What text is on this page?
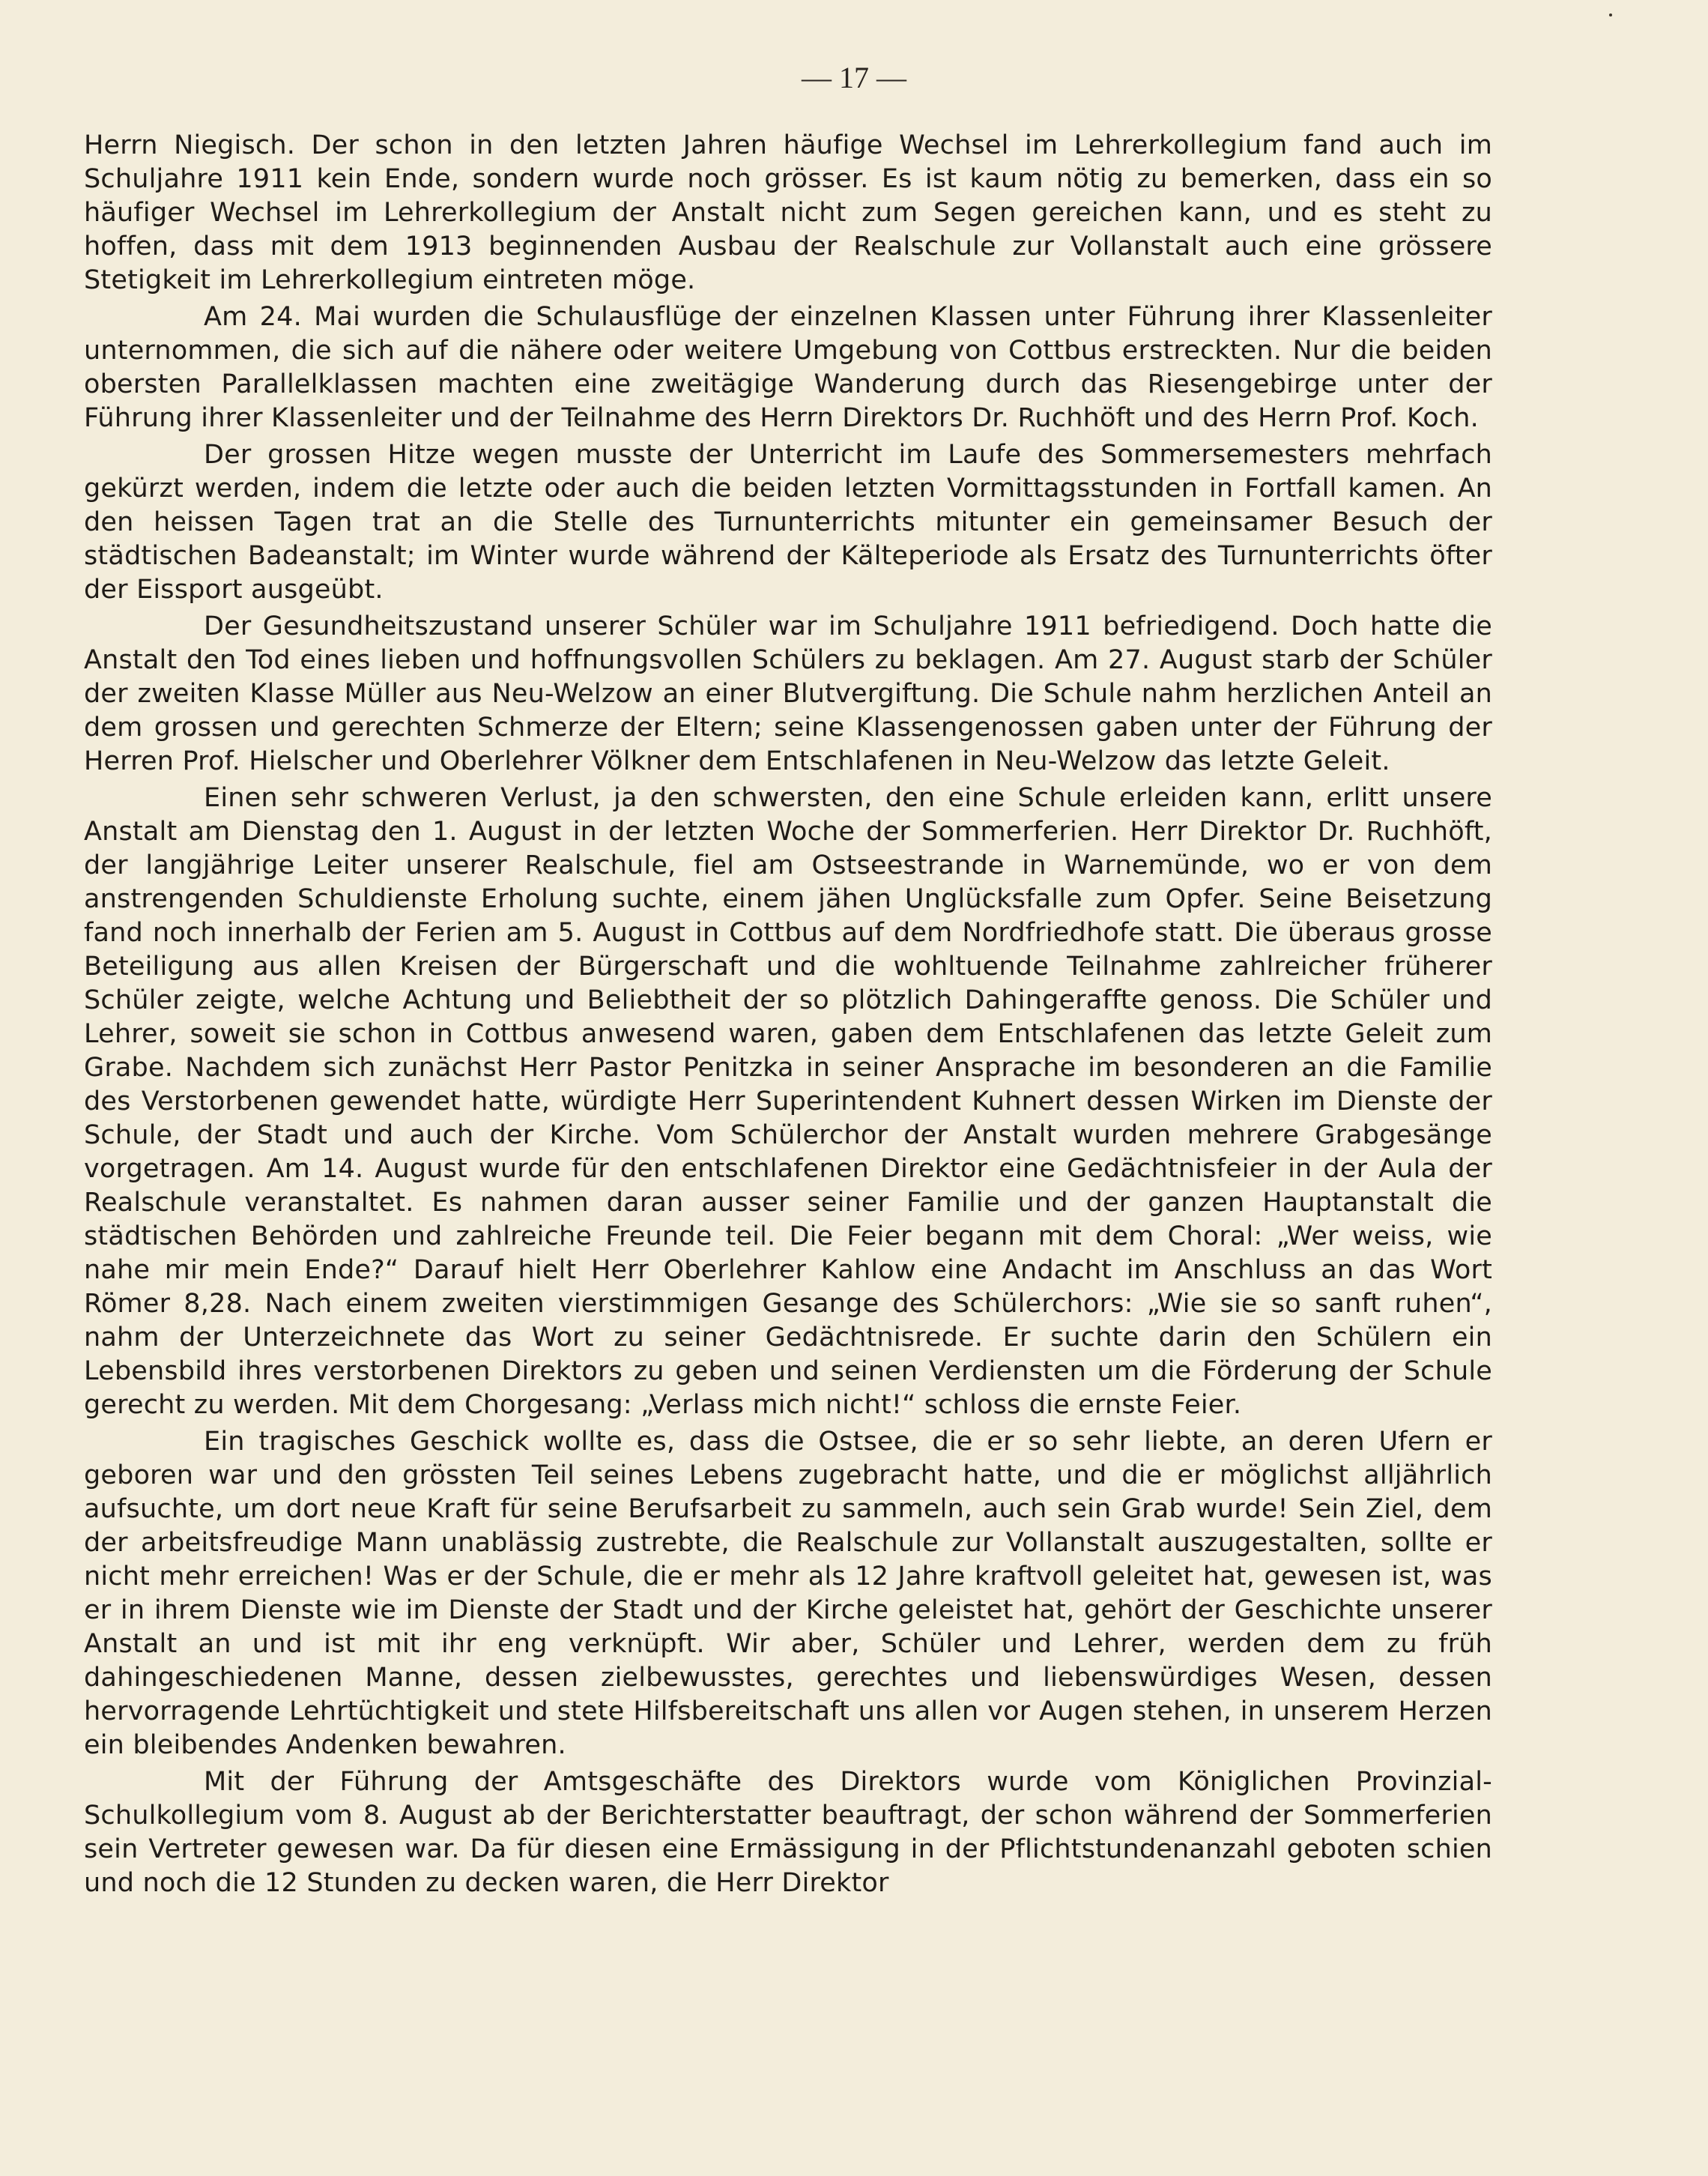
— 17 —

Herrn Niegisch. Der schon in den letzten Jahren häufige Wechsel im Lehrerkollegium fand auch im Schuljahre 1911 kein Ende, sondern wurde noch grösser. Es ist kaum nötig zu bemerken, dass ein so häufiger Wechsel im Lehrerkollegium der Anstalt nicht zum Segen gereichen kann, und es steht zu hoffen, dass mit dem 1913 beginnenden Ausbau der Realschule zur Vollanstalt auch eine grössere Stetigkeit im Lehrerkollegium eintreten möge.

Am 24. Mai wurden die Schulausflüge der einzelnen Klassen unter Führung ihrer Klassenleiter unternommen, die sich auf die nähere oder weitere Umgebung von Cottbus erstreckten. Nur die beiden obersten Parallelklassen machten eine zweitägige Wanderung durch das Riesengebirge unter der Führung ihrer Klassenleiter und der Teilnahme des Herrn Direktors Dr. Ruchhöft und des Herrn Prof. Koch.

Der grossen Hitze wegen musste der Unterricht im Laufe des Sommersemesters mehrfach gekürzt werden, indem die letzte oder auch die beiden letzten Vormittagsstunden in Fortfall kamen. An den heissen Tagen trat an die Stelle des Turnunterrichts mitunter ein gemeinsamer Besuch der städtischen Badeanstalt; im Winter wurde während der Kälteperiode als Ersatz des Turnunterrichts öfter der Eissport ausgeübt.

Der Gesundheitszustand unserer Schüler war im Schuljahre 1911 befriedigend. Doch hatte die Anstalt den Tod eines lieben und hoffnungsvollen Schülers zu beklagen. Am 27. August starb der Schüler der zweiten Klasse Müller aus Neu-Welzow an einer Blutvergiftung. Die Schule nahm herzlichen Anteil an dem grossen und gerechten Schmerze der Eltern; seine Klassengenossen gaben unter der Führung der Herren Prof. Hielscher und Oberlehrer Völkner dem Entschlafenen in Neu-Welzow das letzte Geleit.

Einen sehr schweren Verlust, ja den schwersten, den eine Schule erleiden kann, erlitt unsere Anstalt am Dienstag den 1. August in der letzten Woche der Sommerferien. Herr Direktor Dr. Ruchhöft, der langjährige Leiter unserer Realschule, fiel am Ostseestrande in Warnemünde, wo er von dem anstrengenden Schuldienste Erholung suchte, einem jähen Unglücksfalle zum Opfer. Seine Beisetzung fand noch innerhalb der Ferien am 5. August in Cottbus auf dem Nordfriedhofe statt. Die überaus grosse Beteiligung aus allen Kreisen der Bürgerschaft und die wohltuende Teilnahme zahlreicher früherer Schüler zeigte, welche Achtung und Beliebtheit der so plötzlich Dahingeraffte genoss. Die Schüler und Lehrer, soweit sie schon in Cottbus anwesend waren, gaben dem Entschlafenen das letzte Geleit zum Grabe. Nachdem sich zunächst Herr Pastor Penitzka in seiner Ansprache im besonderen an die Familie des Verstorbenen gewendet hatte, würdigte Herr Superintendent Kuhnert dessen Wirken im Dienste der Schule, der Stadt und auch der Kirche. Vom Schülerchor der Anstalt wurden mehrere Grabgesänge vorgetragen. Am 14. August wurde für den entschlafenen Direktor eine Gedächtnisfeier in der Aula der Realschule veranstaltet. Es nahmen daran ausser seiner Familie und der ganzen Hauptanstalt die städtischen Behörden und zahlreiche Freunde teil. Die Feier begann mit dem Choral: „Wer weiss, wie nahe mir mein Ende?“ Darauf hielt Herr Oberlehrer Kahlow eine Andacht im Anschluss an das Wort Römer 8,28. Nach einem zweiten vierstimmigen Gesange des Schülerchors: „Wie sie so sanft ruhen“, nahm der Unterzeichnete das Wort zu seiner Gedächtnisrede. Er suchte darin den Schülern ein Lebensbild ihres verstorbenen Direktors zu geben und seinen Verdiensten um die Förderung der Schule gerecht zu werden. Mit dem Chorgesang: „Verlass mich nicht!“ schloss die ernste Feier.

Ein tragisches Geschick wollte es, dass die Ostsee, die er so sehr liebte, an deren Ufern er geboren war und den grössten Teil seines Lebens zugebracht hatte, und die er möglichst alljährlich aufsuchte, um dort neue Kraft für seine Berufsarbeit zu sammeln, auch sein Grab wurde! Sein Ziel, dem der arbeitsfreudige Mann unablässig zustrebte, die Realschule zur Vollanstalt auszugestalten, sollte er nicht mehr erreichen! Was er der Schule, die er mehr als 12 Jahre kraftvoll geleitet hat, gewesen ist, was er in ihrem Dienste wie im Dienste der Stadt und der Kirche geleistet hat, gehört der Geschichte unserer Anstalt an und ist mit ihr eng verknüpft. Wir aber, Schüler und Lehrer, werden dem zu früh dahingeschiedenen Manne, dessen zielbewusstes, gerechtes und liebenswürdiges Wesen, dessen hervorragende Lehrtüchtigkeit und stete Hilfsbereitschaft uns allen vor Augen stehen, in unserem Herzen ein bleibendes Andenken bewahren.

Mit der Führung der Amtsgeschäfte des Direktors wurde vom Königlichen Provinzial-Schulkollegium vom 8. August ab der Berichterstatter beauftragt, der schon während der Sommerferien sein Vertreter gewesen war. Da für diesen eine Ermässigung in der Pflichtstundenanzahl geboten schien und noch die 12 Stunden zu decken waren, die Herr Direktor
